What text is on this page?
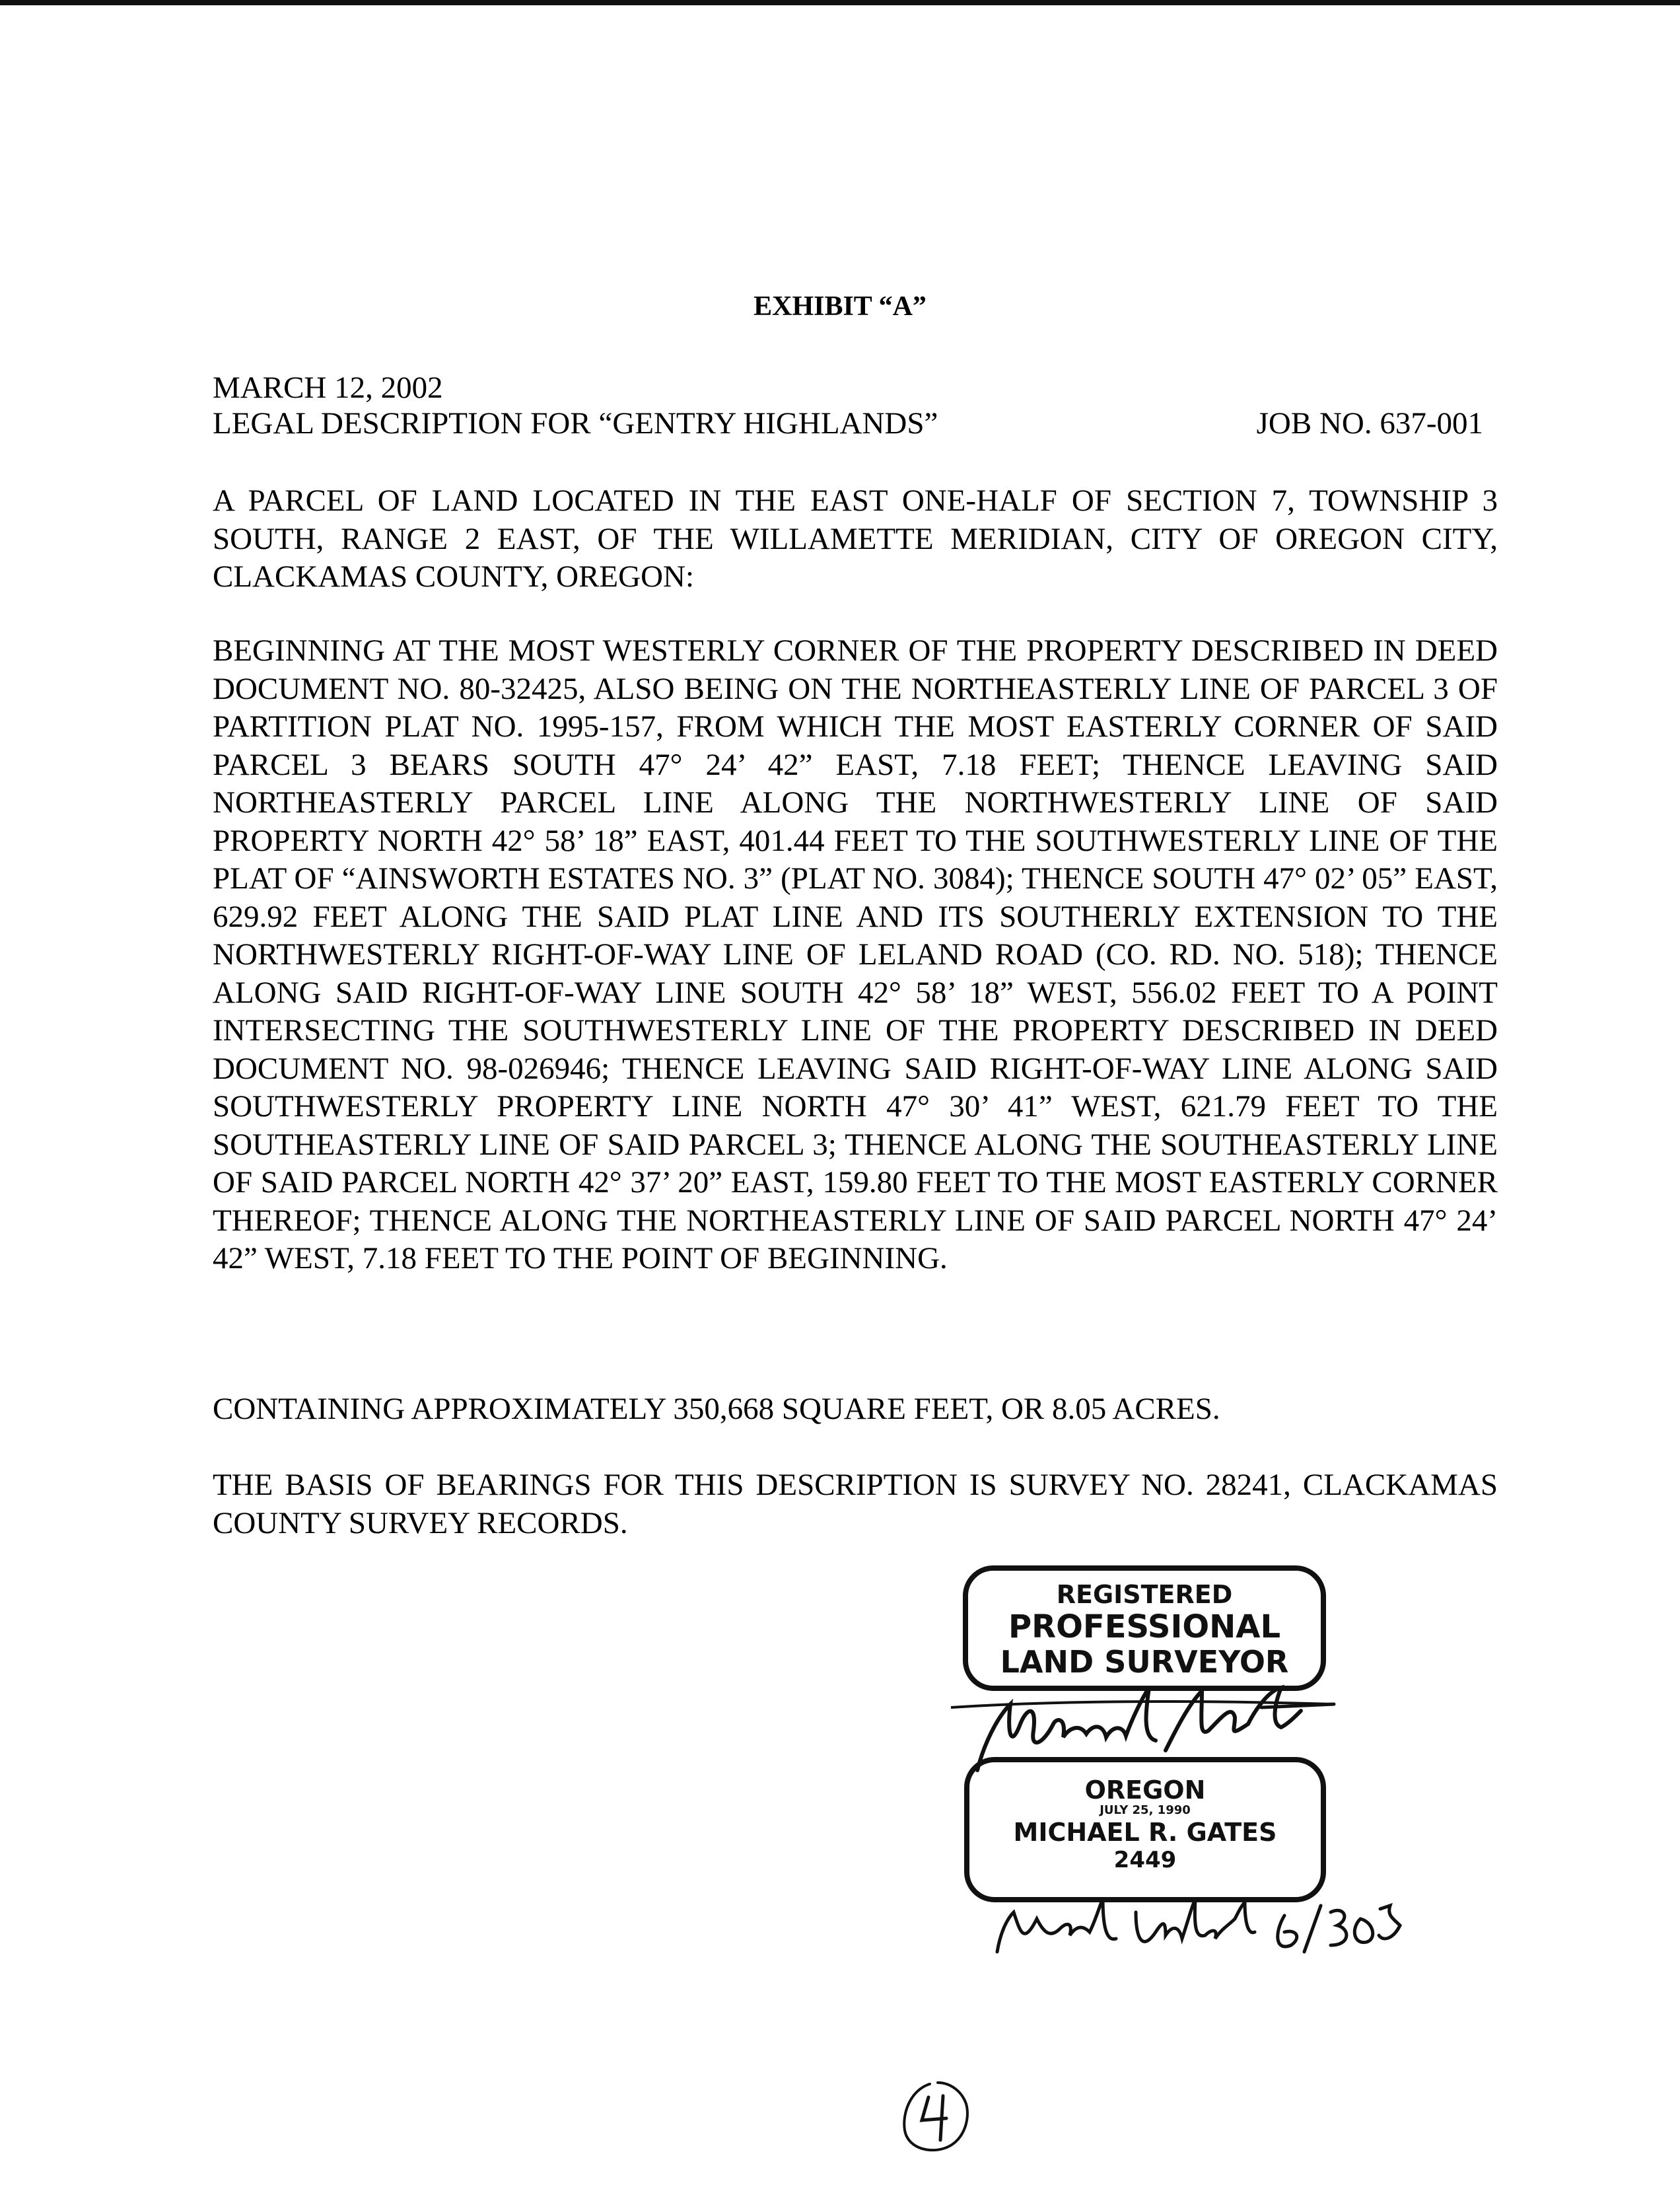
EXHIBIT “A”
MARCH 12, 2002
LEGAL DESCRIPTION FOR “GENTRY HIGHLANDS”	JOB NO. 637-001
A PARCEL OF LAND LOCATED IN THE EAST ONE-HALF OF SECTION 7, TOWNSHIP 3 SOUTH, RANGE 2 EAST, OF THE WILLAMETTE MERIDIAN, CITY OF OREGON CITY, CLACKAMAS COUNTY, OREGON:
BEGINNING AT THE MOST WESTERLY CORNER OF THE PROPERTY DESCRIBED IN DEED DOCUMENT NO. 80-32425, ALSO BEING ON THE NORTHEASTERLY LINE OF PARCEL 3 OF PARTITION PLAT NO. 1995-157, FROM WHICH THE MOST EASTERLY CORNER OF SAID PARCEL 3 BEARS SOUTH 47° 24’ 42” EAST, 7.18 FEET; THENCE LEAVING SAID NORTHEASTERLY PARCEL LINE ALONG THE NORTHWESTERLY LINE OF SAID PROPERTY NORTH 42° 58’ 18” EAST, 401.44 FEET TO THE SOUTHWESTERLY LINE OF THE PLAT OF “AINSWORTH ESTATES NO. 3” (PLAT NO. 3084); THENCE SOUTH 47° 02’ 05” EAST, 629.92 FEET ALONG THE SAID PLAT LINE AND ITS SOUTHERLY EXTENSION TO THE NORTHWESTERLY RIGHT-OF-WAY LINE OF LELAND ROAD (CO. RD. NO. 518); THENCE ALONG SAID RIGHT-OF-WAY LINE SOUTH 42° 58’ 18” WEST, 556.02 FEET TO A POINT INTERSECTING THE SOUTHWESTERLY LINE OF THE PROPERTY DESCRIBED IN DEED DOCUMENT NO. 98-026946; THENCE LEAVING SAID RIGHT-OF-WAY LINE ALONG SAID SOUTHWESTERLY PROPERTY LINE NORTH 47° 30’ 41” WEST, 621.79 FEET TO THE SOUTHEASTERLY LINE OF SAID PARCEL 3; THENCE ALONG THE SOUTHEASTERLY LINE OF SAID PARCEL NORTH 42° 37’ 20” EAST, 159.80 FEET TO THE MOST EASTERLY CORNER THEREOF; THENCE ALONG THE NORTHEASTERLY LINE OF SAID PARCEL NORTH 47° 24’ 42” WEST, 7.18 FEET TO THE POINT OF BEGINNING.
CONTAINING APPROXIMATELY 350,668 SQUARE FEET, OR 8.05 ACRES.
THE BASIS OF BEARINGS FOR THIS DESCRIPTION IS SURVEY NO. 28241, CLACKAMAS COUNTY SURVEY RECORDS.
REGISTERED
PROFESSIONAL
LAND SURVEYOR
OREGON
JULY 25, 1990
MICHAEL R. GATES
2449
